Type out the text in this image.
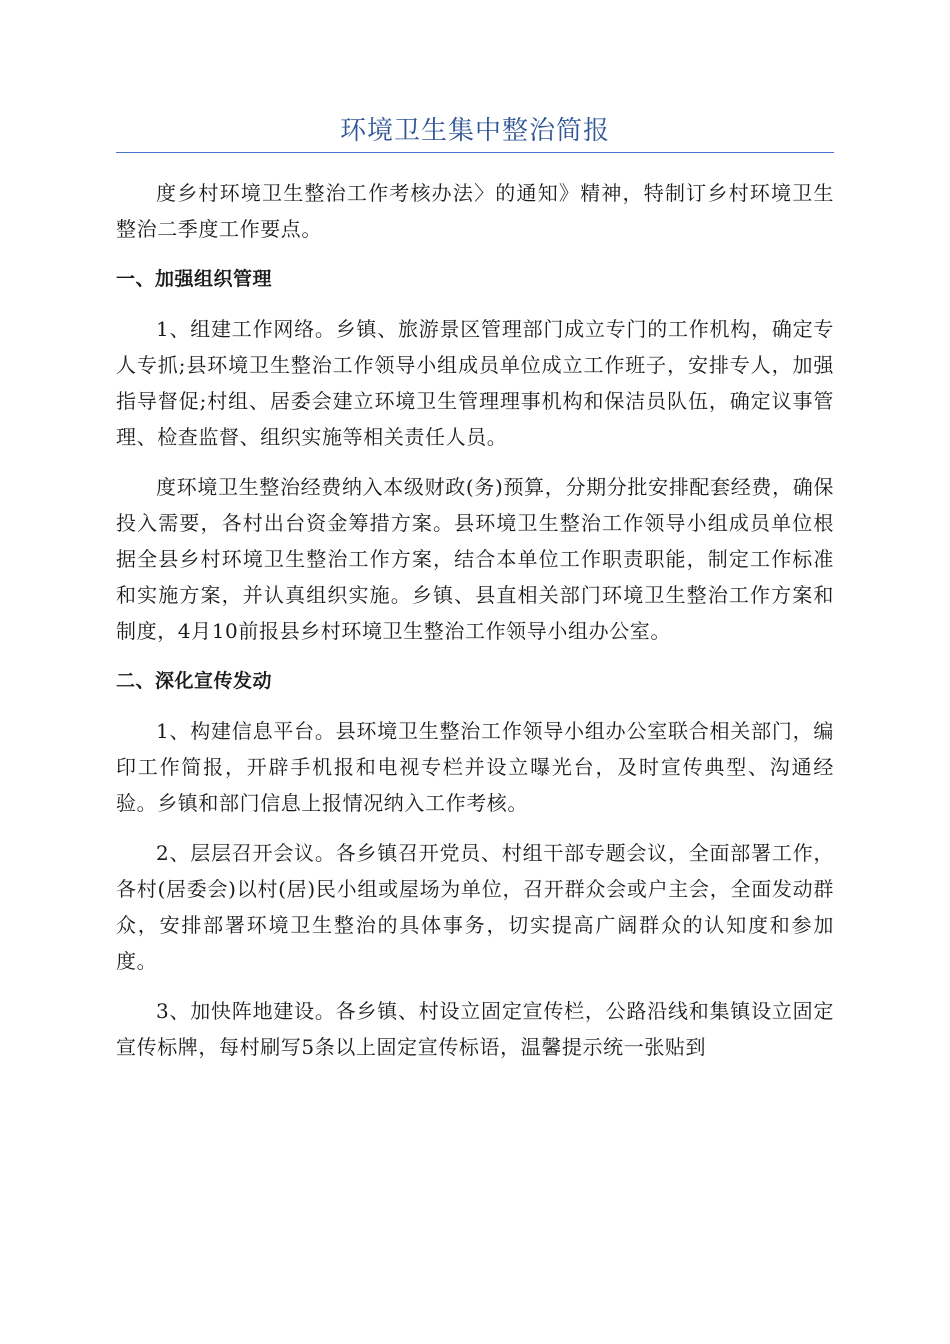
环境卫生集中整治简报

度乡村环境卫生整治工作考核办法〉的通知》精神，特制订乡村环境卫生整治二季度工作要点。

一、加强组织管理

1、组建工作网络。乡镇、旅游景区管理部门成立专门的工作机构，确定专人专抓;县环境卫生整治工作领导小组成员单位成立工作班子，安排专人，加强指导督促;村组、居委会建立环境卫生管理理事机构和保洁员队伍，确定议事管理、检查监督、组织实施等相关责任人员。

度环境卫生整治经费纳入本级财政(务)预算，分期分批安排配套经费，确保投入需要，各村出台资金筹措方案。县环境卫生整治工作领导小组成员单位根据全县乡村环境卫生整治工作方案，结合本单位工作职责职能，制定工作标准和实施方案，并认真组织实施。乡镇、县直相关部门环境卫生整治工作方案和制度，4月10前报县乡村环境卫生整治工作领导小组办公室。

二、深化宣传发动

1、构建信息平台。县环境卫生整治工作领导小组办公室联合相关部门，编印工作简报，开辟手机报和电视专栏并设立曝光台，及时宣传典型、沟通经验。乡镇和部门信息上报情况纳入工作考核。

2、层层召开会议。各乡镇召开党员、村组干部专题会议，全面部署工作，各村(居委会)以村(居)民小组或屋场为单位，召开群众会或户主会，全面发动群众，安排部署环境卫生整治的具体事务，切实提高广阔群众的认知度和参加度。

3、加快阵地建设。各乡镇、村设立固定宣传栏，公路沿线和集镇设立固定宣传标牌，每村刷写5条以上固定宣传标语，温馨提示统一张贴到
